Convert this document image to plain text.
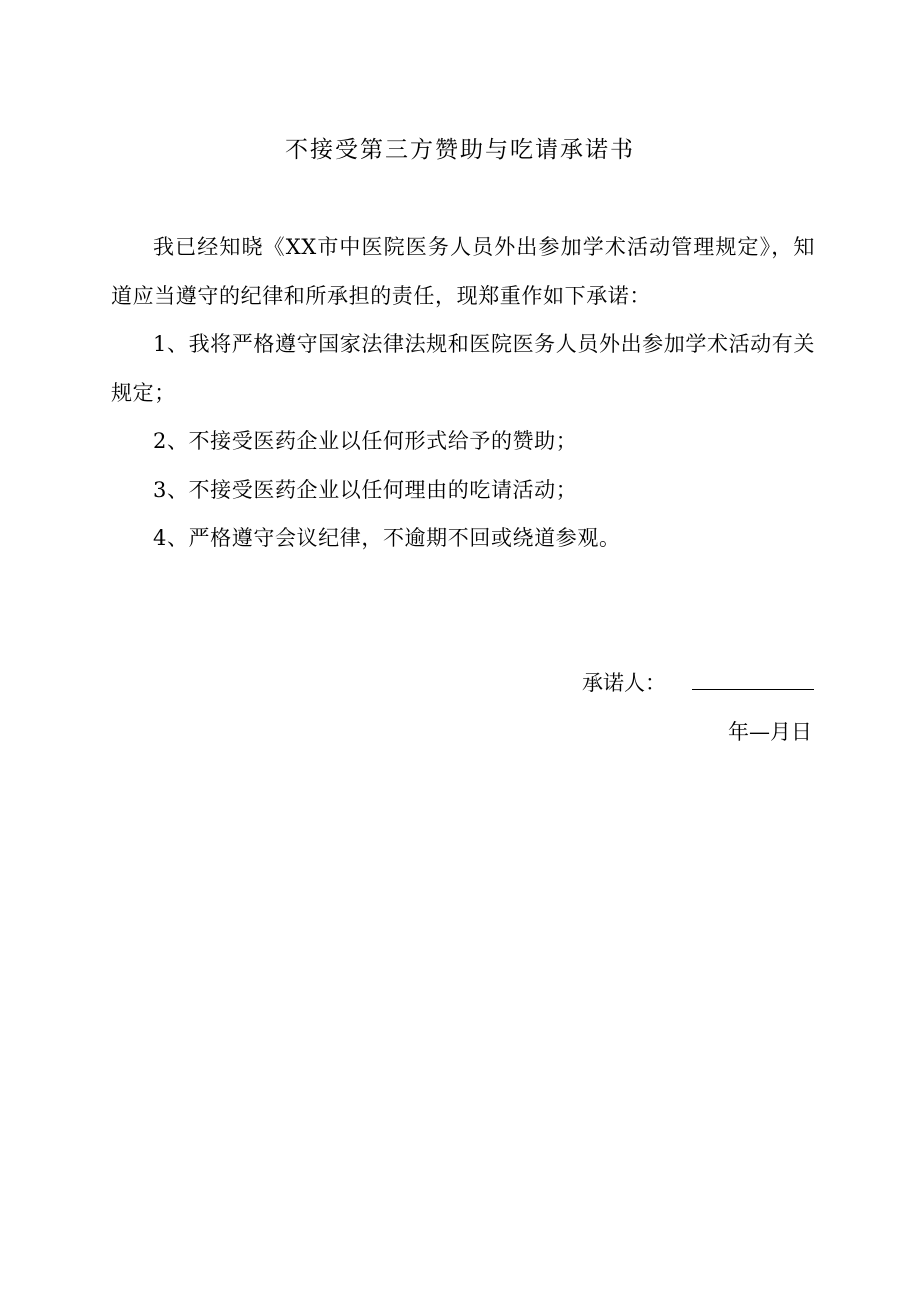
不接受第三方赞助与吃请承诺书

我已经知晓《XX市中医院医务人员外出参加学术活动管理规定》，知道应当遵守的纪律和所承担的责任，现郑重作如下承诺：

1、我将严格遵守国家法律法规和医院医务人员外出参加学术活动有关规定；

2、不接受医药企业以任何形式给予的赞助；

3、不接受医药企业以任何理由的吃请活动；

4、严格遵守会议纪律，不逾期不回或绕道参观。

承诺人：
年—月日
